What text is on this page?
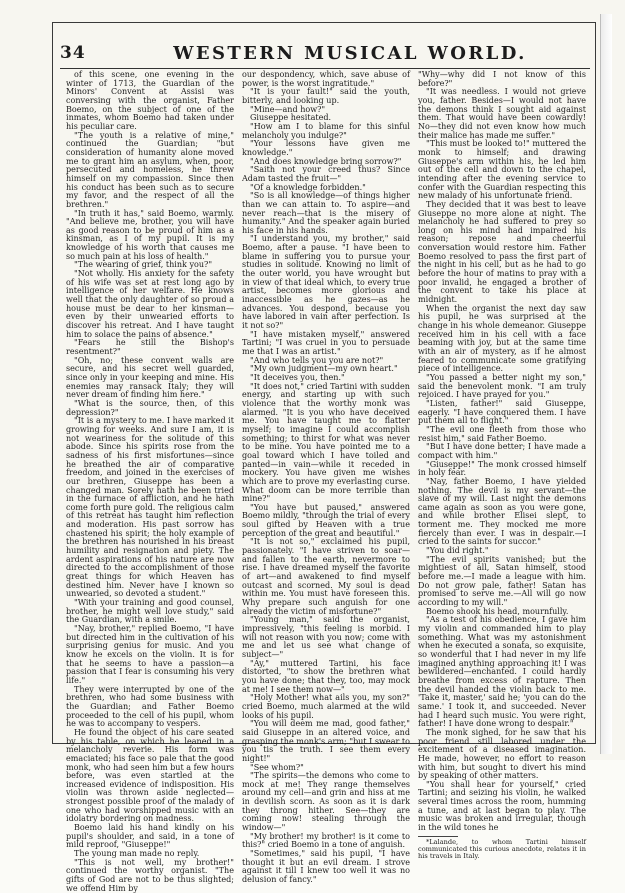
34	WESTERN MUSICAL WORLD.

of this scene, one evening in the winter of 1713, the Guardian of the Minors' Convent at Assisi was conversing with the organist, Father Boemo, on the subject of one of the inmates, whom Boemo had taken under his peculiar care.

"The youth is a relative of mine," continued the Guardian; "but consideration of humanity alone moved me to grant him an asylum, when, poor, persecuted and homeless, he threw himself on my compassion. Since then his conduct has been such as to secure my favor, and the respect of all the brethren."

"In truth it has," said Boemo, warmly. "And believe me, brother, you will have as good reason to be proud of him as a kinsman, as I of my pupil. It is my knowledge of his worth that causes me so much pain at his loss of health."

"The wearing of grief, think you?"

"Not wholly. His anxiety for the safety of his wife was set at rest long ago by intelligence of her welfare. He knows well that the only daughter of so proud a house must be dear to her kinsman—even by their unwearied efforts to discover his retreat. And I have taught him to solace the pains of absence."

"Fears he still the Bishop's resentment?"

"Oh, no; these convent walls are secure, and his secret well guarded, since only in your keeping and mine. His enemies may ransack Italy; they will never dream of finding him here."

"What is the source, then, of this depression?"

"It is a mystery to me. I have marked it growing for weeks. And sure I am, it is not weariness for the solitude of this abode. Since his spirits rose from the sadness of his first misfortunes—since he breathed the air of comparative freedom, and joined in the exercises of our brethren, Giuseppe has been a changed man. Sorely hath he been tried in the furnace of affliction, and he hath come forth pure gold. The religious calm of this retreat has taught him reflection and moderation. His past sorrow has chastened his spirit; the holy example of the brethren has nourished in his breast humility and resignation and piety. The ardent aspirations of his nature are now directed to the accomplishment of those great things for which Heaven has destined him. Never have I known so unwearied, so devoted a student."

"With your training and good counsel, brother, he might well love study," said the Guardian, with a smile.

"Nay, brother," replied Boemo, "I have but directed him in the cultivation of his surprising genius for music. And you know he excels on the violin. It is for that he seems to have a passion—a passion that I fear is consuming his very life."

They were interrupted by one of the brethren, who had some business with the Guardian; and Father Boemo proceeded to the cell of his pupil, whom he was to accompany to vespers.

He found the object of his care seated by his table, on which he leaned in a melancholy reverie. His form was emaciated; his face so pale that the good monk, who had seen him but a few hours before, was even startled at the increased evidence of indisposition. His violin was thrown aside neglected—strongest possible proof of the malady of one who had worshipped music with an idolatry bordering on madness.

Boemo laid his hand kindly on his pupil's shoulder, and said, in a tone of mild reproof, "Giuseppe!"

The young man made no reply.

"This is not well, my brother!" continued the worthy organist. "The gifts of God are not to be thus slighted; we offend Him by

our despondency, which, save abuse of power, is the worst ingratitude."

"It is your fault!" said the youth, bitterly, and looking up.

"Mine—and how?"

Giuseppe hesitated.

"How am I to blame for this sinful melancholy you indulge?"

"Your lessons have given me knowledge."

"And does knowledge bring sorrow?"

"Saith not your creed thus? Since Adam tasted the fruit—"

"Of a knowledge forbidden."

"So is all knowledge—of things higher than we can attain to. To aspire—and never reach—that is the misery of humanity." And the speaker again buried his face in his hands.

"I understand you, my brother," said Boemo, after a pause. "I have been to blame in suffering you to pursue your studies in solitude. Knowing no limit of the outer world, you have wrought but in view of that ideal which, to every true artist, becomes more glorious and inaccessible as he gazes—as he advances. You despond, because you have labored in vain after perfection. Is it not so?"

"I have mistaken myself," answered Tartini; "I was cruel in you to persuade me that I was an artist."

"And who tells you you are not?"

"My own judgment—my own heart."

"It deceives you, then."

"It does not," cried Tartini with sudden energy, and starting up with such violence that the worthy monk was alarmed. "It is you who have deceived me. You have taught me to flatter myself; to imagine I could accomplish something; to thirst for what was never to be mine. You have pointed me to a goal toward which I have toiled and panted—in vain—while it receded in mockery. You have given me wishes which are to prove my everlasting curse. What doom can be more terrible than mine?"

"You have but paused," answered Boemo mildly, "through the trial of every soul gifted by Heaven with a true perception of the great and beautiful."

"It is not so," exclaimed his pupil, passionately. "I have striven to soar—and fallen to the earth, nevermore to rise. I have dreamed myself the favorite of art—and awakened to find myself outcast and scorned. My soul is dead within me. You must have foreseen this. Why prepare such anguish for one already the victim of misfortune?"

"Young man," said the organist, impressively, "this feeling is morbid. I will not reason with you now; come with me and let us see what change of subject—"

"Ay," muttered Tartini, his face distorted, "to show the brethren what you have done; that they, too, may mock at me! I see them now—"

"Holy Mother! what ails you, my son?" cried Boemo, much alarmed at the wild looks of his pupil.

"You will deem me mad, good father," said Giuseppe in an altered voice, and grasping the monk's arm; "but I swear to you tis the truth. I see them every night!"

"See whom?"

"The spirits—the demons who come to mock at me! They range themselves around my cell—and grin and hiss at me in devilish scorn. As soon as it is dark they throng hither. See—they are coming now! stealing through the window—"

"My brother! my brother! is it come to this?" cried Boemo in a tone of anguish.

"Sometimes," said his pupil, "I have thought it but an evil dream. I strove against it till I knew too well it was no delusion of fancy."

"Why—why did I not know of this before?"

"It was needless. I would not grieve you, father. Besides—I would not have the demons think I sought aid against them. That would have been cowardly! No—they did not even know how much their malice has made me suffer."

"This must be looked to!" muttered the monk to himself; and drawing Giuseppe's arm within his, he led him out of the cell and down to the chapel, intending after the evening service to confer with the Guardian respecting this new malady of his unfortunate friend.

They decided that it was best to leave Giuseppe no more alone at night. The melancholy he had suffered to prey so long on his mind had impaired his reason; repose and cheerful conversation would restore him. Father Boemo resolved to pass the first part of the night in his cell, but as he had to go before the hour of matins to pray with a poor invalid, he engaged a brother of the convent to take his place at midnight.

When the organist the next day saw his pupil, he was surprised at the change in his whole demeanor. Giuseppe received him in his cell with a face beaming with joy, but at the same time with an air of mystery, as if he almost feared to communicate some gratifying piece of intelligence.

"You passed a better night my son," said the benevolent monk. "I am truly rejoiced. I have prayed for you."

"Listen, father!" said Giuseppe, eagerly. "I have conquered them. I have put them all to flight."

"The evil one fleeth from those who resist him," said Father Boemo.

"But I have done better; I have made a compact with him."

"Giuseppe!" The monk crossed himself in holy fear.

"Nay, father Boemo, I have yielded nothing. The devil is my servant—the slave of my will. Last night the demons came again as soon as you were gone, and while brother Elisei slept, to torment me. They mocked me more fiercely than ever. I was in despair.—I cried to the saints for succor."

"You did right."

"The evil spirits vanished; but the mightiest of all, Satan himself, stood before me.—I made a league with him. Do not grow pale, father! Satan has promised to serve me.—All will go now according to my will."

Boemo shook his head, mournfully.

"As a test of his obedience, I gave him my violin and commanded him to play something. What was my astonishment when he executed a sonata, so exquisite, so wonderful that I had never in my life imagined anything approaching it! I was bewildered—enchanted. I could hardly breathe from excess of rapture. Then the devil handed the violin back to me. 'Take it, master,' said he; 'you can do the same.' I took it, and succeeded. Never had I heard such music. You were right, father! I have done wrong to despair."

The monk sighed, for he saw that his poor friend still labored under the excitement of a diseased imagination. He made, however, no effort to reason with him, but sought to divert his mind by speaking of other matters.

"You shall hear for yourself," cried Tartini; and seizing his violin, he walked several times across the room, humming a tune, and at last began to play. The music was broken and irregular, though in the wild tones he

*Lalande, to whom Tartini himself communicated this curious anecdote, relates it in his travels in Italy.
